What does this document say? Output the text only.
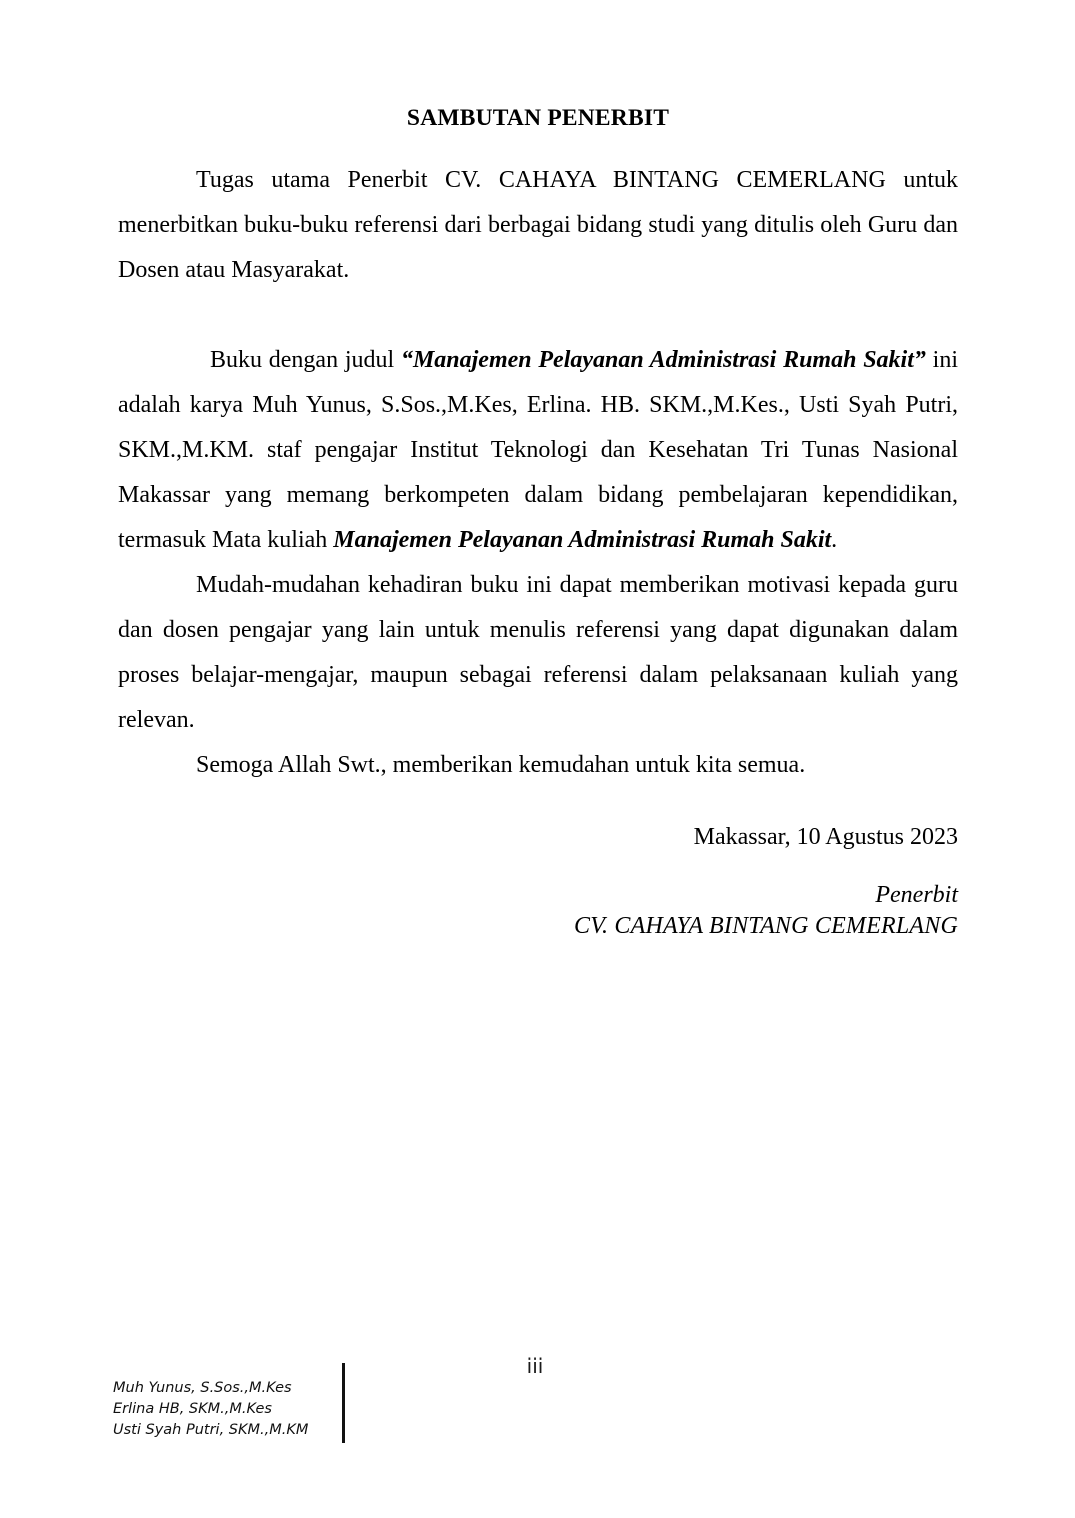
SAMBUTAN PENERBIT

Tugas utama Penerbit CV. CAHAYA BINTANG CEMERLANG untuk menerbitkan buku-buku referensi dari berbagai bidang studi yang ditulis oleh Guru dan Dosen atau Masyarakat.

Buku dengan judul “Manajemen Pelayanan Administrasi Rumah Sakit” ini adalah karya Muh Yunus, S.Sos.,M.Kes, Erlina. HB. SKM.,M.Kes., Usti Syah Putri, SKM.,M.KM. staf pengajar Institut Teknologi dan Kesehatan Tri Tunas Nasional Makassar yang memang berkompeten dalam bidang pembelajaran kependidikan, termasuk Mata kuliah Manajemen Pelayanan Administrasi Rumah Sakit.

Mudah-mudahan kehadiran buku ini dapat memberikan motivasi kepada guru dan dosen pengajar yang lain untuk menulis referensi yang dapat digunakan dalam proses belajar-mengajar, maupun sebagai referensi dalam pelaksanaan kuliah yang relevan.

Semoga Allah Swt., memberikan kemudahan untuk kita semua.

Makassar, 10 Agustus 2023

Penerbit

CV. CAHAYA BINTANG CEMERLANG

Muh Yunus, S.Sos.,M.Kes
Erlina HB, SKM.,M.Kes
Usti Syah Putri, SKM.,M.KM
iii
